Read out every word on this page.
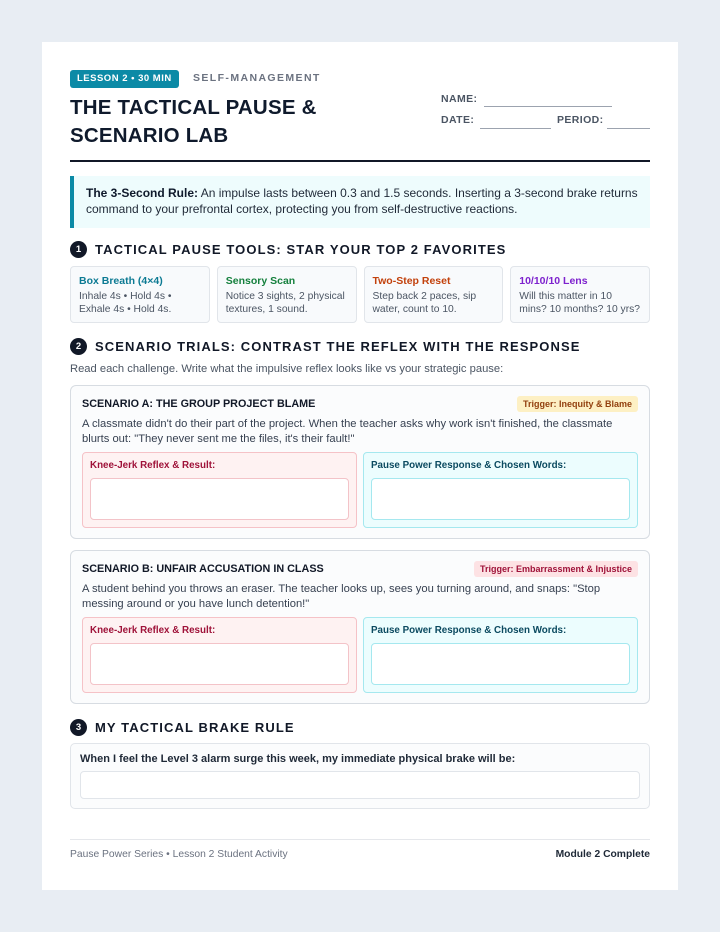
LESSON 2 • 30 MIN	SELF-MANAGEMENT
THE TACTICAL PAUSE & SCENARIO LAB
NAME:
DATE:	PERIOD:
The 3-Second Rule: An impulse lasts between 0.3 and 1.5 seconds. Inserting a 3-second brake returns command to your prefrontal cortex, protecting you from self-destructive reactions.
1	TACTICAL PAUSE TOOLS: STAR YOUR TOP 2 FAVORITES
Box Breath (4×4)
Inhale 4s • Hold 4s • Exhale 4s • Hold 4s.
Sensory Scan
Notice 3 sights, 2 physical textures, 1 sound.
Two-Step Reset
Step back 2 paces, sip water, count to 10.
10/10/10 Lens
Will this matter in 10 mins? 10 months? 10 yrs?
2	SCENARIO TRIALS: CONTRAST THE REFLEX WITH THE RESPONSE
Read each challenge. Write what the impulsive reflex looks like vs your strategic pause:
SCENARIO A: THE GROUP PROJECT BLAME	Trigger: Inequity & Blame
A classmate didn't do their part of the project. When the teacher asks why work isn't finished, the classmate blurts out: "They never sent me the files, it's their fault!"
Knee-Jerk Reflex & Result:	Pause Power Response & Chosen Words:
SCENARIO B: UNFAIR ACCUSATION IN CLASS	Trigger: Embarrassment & Injustice
A student behind you throws an eraser. The teacher looks up, sees you turning around, and snaps: "Stop messing around or you have lunch detention!"
Knee-Jerk Reflex & Result:	Pause Power Response & Chosen Words:
3	MY TACTICAL BRAKE RULE
When I feel the Level 3 alarm surge this week, my immediate physical brake will be:
Pause Power Series • Lesson 2 Student Activity	Module 2 Complete
